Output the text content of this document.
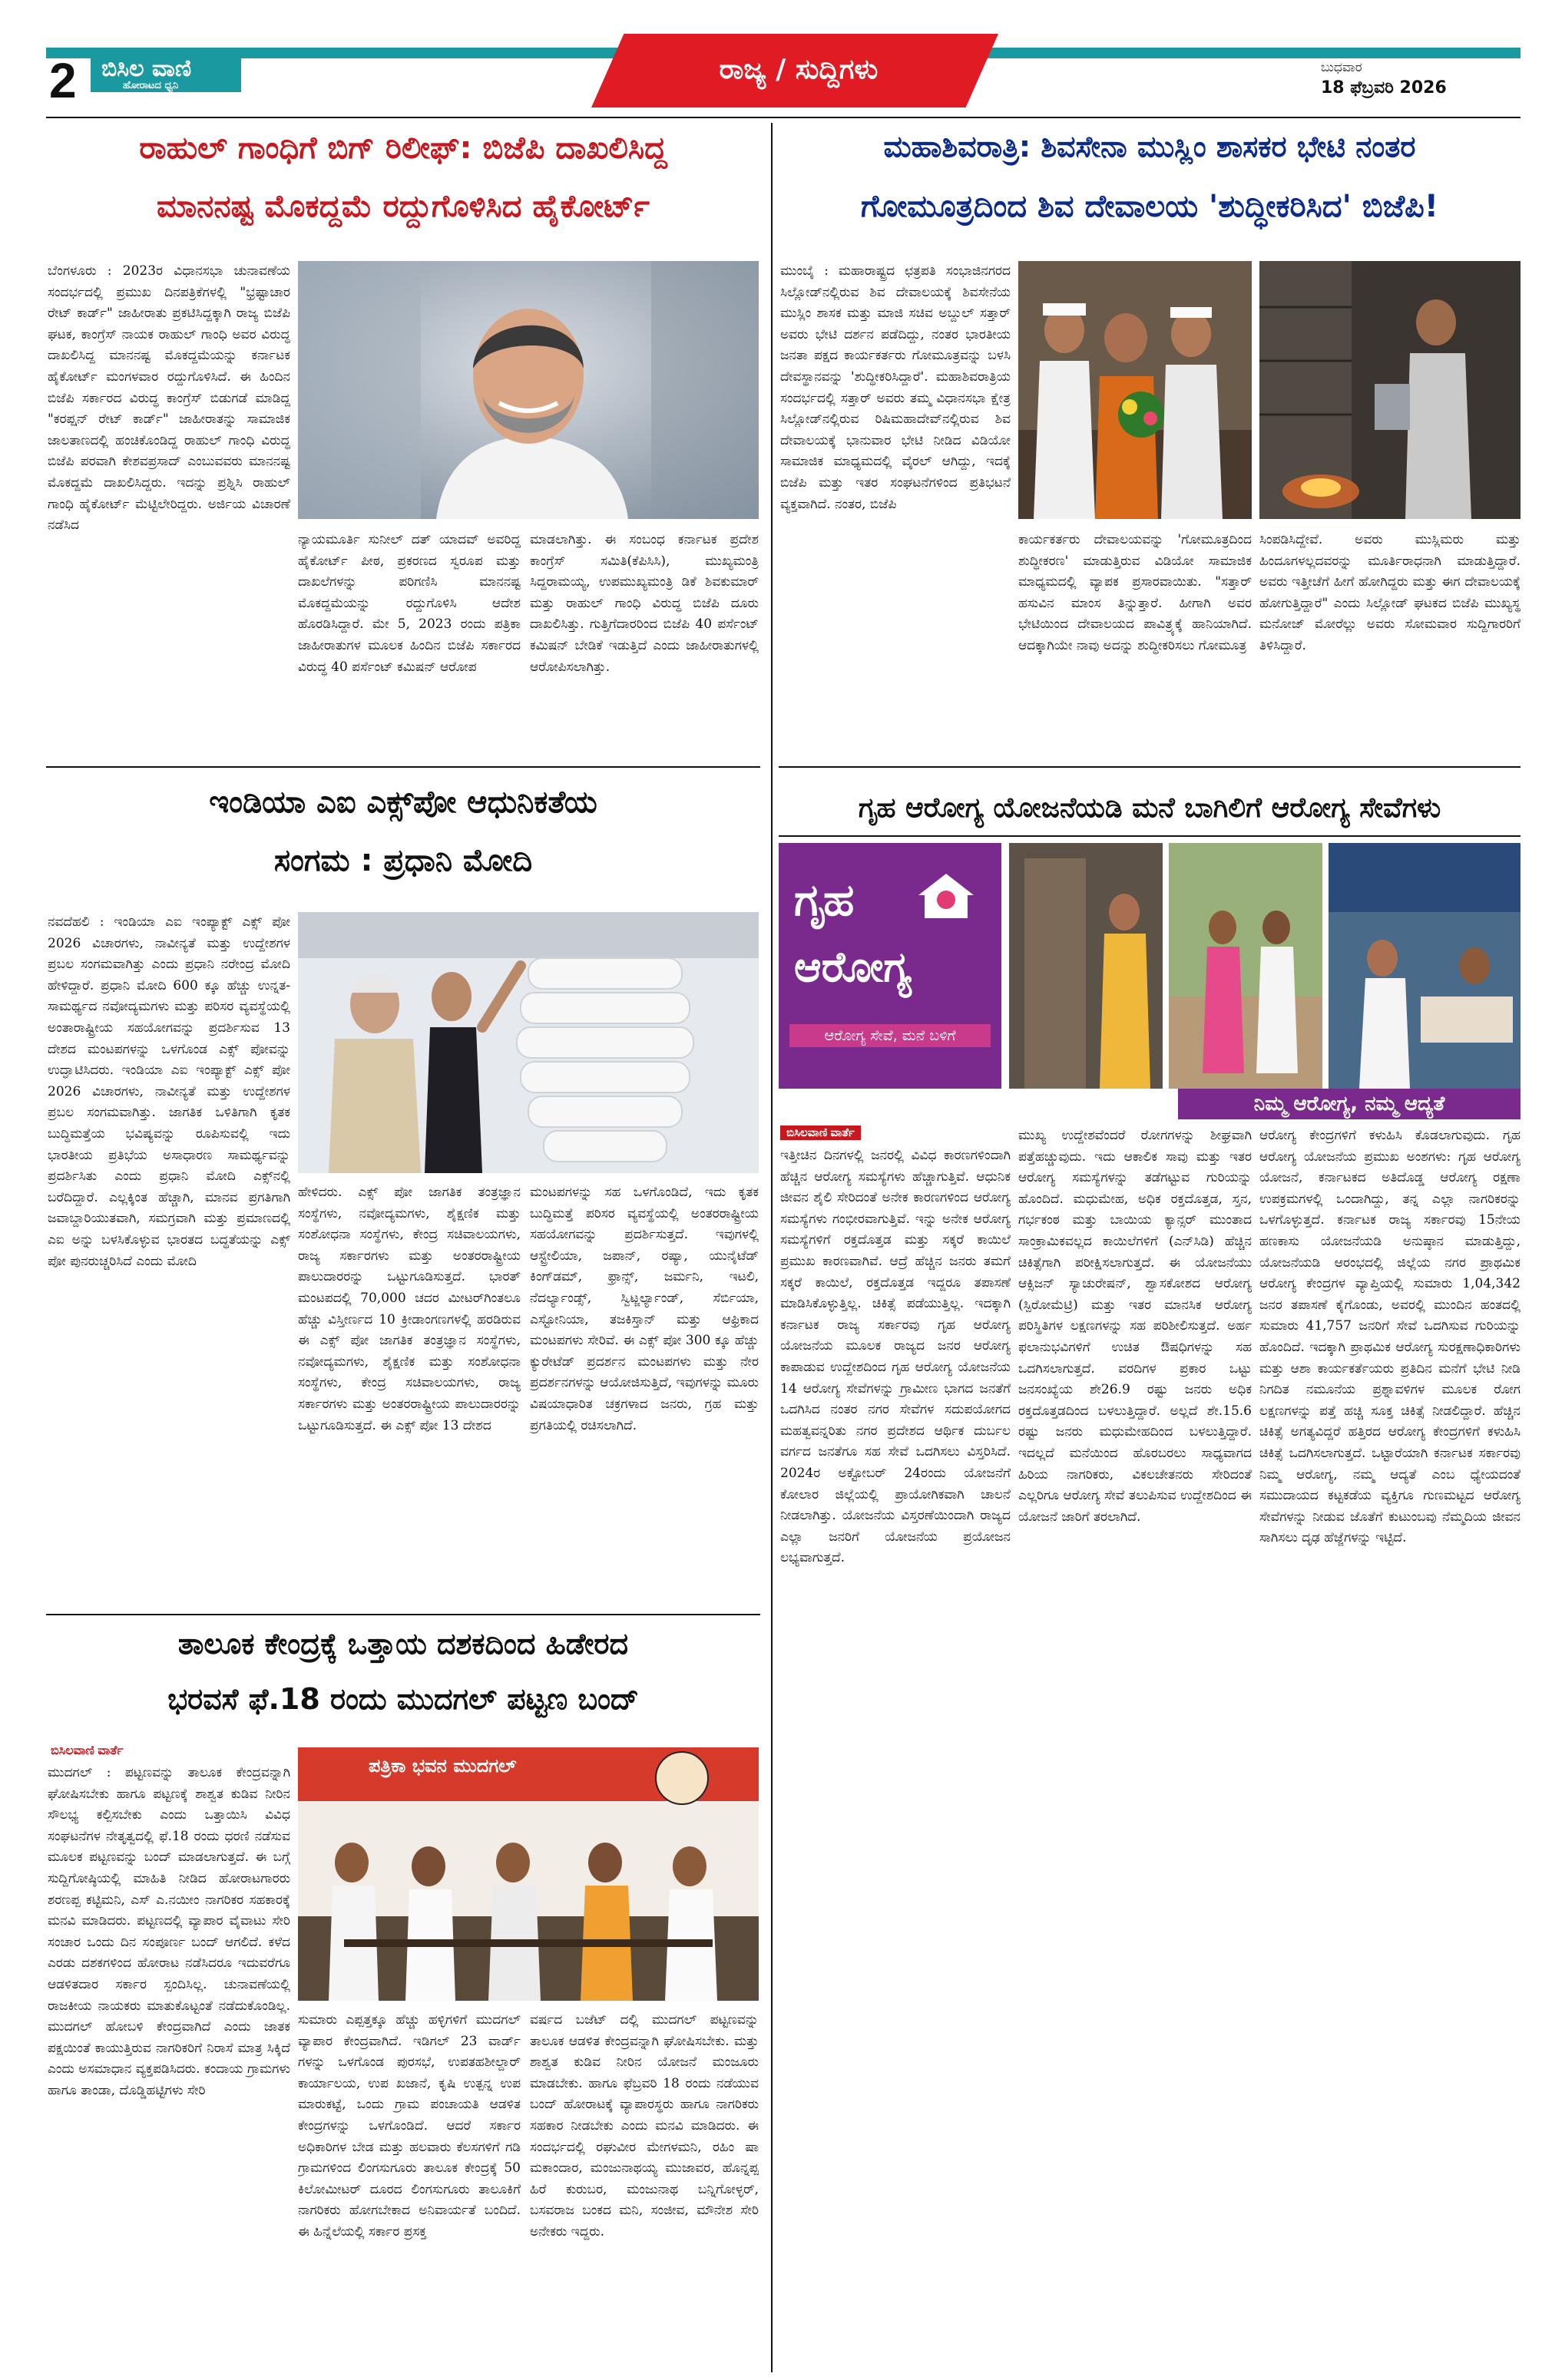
2 ಬಿಸಿಲ ವಾಣಿ
ಹೋರಾಟದ ಧ್ವನಿ
ರಾಜ್ಯ / ಸುದ್ದಿಗಳು	ಬುಧವಾರ
18 ಫೆಬ್ರವರಿ 2026
ರಾಹುಲ್ ಗಾಂಧಿಗೆ ಬಿಗ್ ರಿಲೀಫ್: ಬಿಜೆಪಿ ದಾಖಲಿಸಿದ್ದ
ಮಾನನಷ್ಟ ಮೊಕದ್ದಮೆ ರದ್ದುಗೊಳಿಸಿದ ಹೈಕೋರ್ಟ್
ಬೆಂಗಳೂರು : 2023ರ ವಿಧಾನಸಭಾ ಚುನಾವಣೆಯ ಸಂದರ್ಭದಲ್ಲಿ ಪ್ರಮುಖ ದಿನಪತ್ರಿಕೆಗಳಲ್ಲಿ "ಭ್ರಷ್ಟಾಚಾರ ರೇಟ್ ಕಾರ್ಡ್" ಜಾಹೀರಾತು ಪ್ರಕಟಿಸಿದ್ದಕ್ಕಾಗಿ ರಾಜ್ಯ ಬಿಜೆಪಿ ಘಟಕ, ಕಾಂಗ್ರೆಸ್ ನಾಯಕ ರಾಹುಲ್ ಗಾಂಧಿ ಅವರ ವಿರುದ್ಧ ದಾಖಲಿಸಿದ್ದ ಮಾನನಷ್ಟ ಮೊಕದ್ದಮೆಯನ್ನು ಕರ್ನಾಟಕ ಹೈಕೋರ್ಟ್ ಮಂಗಳವಾರ ರದ್ದುಗೊಳಿಸಿದೆ. ಈ ಹಿಂದಿನ ಬಿಜೆಪಿ ಸರ್ಕಾರದ ವಿರುದ್ಧ ಕಾಂಗ್ರೆಸ್ ಬಿಡುಗಡೆ ಮಾಡಿದ್ದ "ಕರಪ್ಷನ್ ರೇಟ್ ಕಾರ್ಡ್" ಜಾಹೀರಾತನ್ನು ಸಾಮಾಜಿಕ ಜಾಲತಾಣದಲ್ಲಿ ಹಂಚಿಕೊಂಡಿದ್ದ ರಾಹುಲ್ ಗಾಂಧಿ ವಿರುದ್ಧ ಬಿಜೆಪಿ ಪರವಾಗಿ ಕೇಶವಪ್ರಸಾದ್ ಎಂಬುವವರು ಮಾನನಷ್ಟ ಮೊಕದ್ದಮೆ ದಾಖಲಿಸಿದ್ದರು. ಇದನ್ನು ಪ್ರಶ್ನಿಸಿ ರಾಹುಲ್ ಗಾಂಧಿ ಹೈಕೋರ್ಟ್ ಮೆಟ್ಟಿಲೇರಿದ್ದರು. ಅರ್ಜಿಯ ವಿಚಾರಣೆ ನಡೆಸಿದ
ನ್ಯಾಯಮೂರ್ತಿ ಸುನೀಲ್ ದತ್ ಯಾದವ್ ಅವರಿದ್ದ ಹೈಕೋರ್ಟ್ ಪೀಠ, ಪ್ರಕರಣದ ಸ್ವರೂಪ ಮತ್ತು ದಾಖಲೆಗಳನ್ನು ಪರಿಗಣಿಸಿ ಮಾನನಷ್ಟ ಮೊಕದ್ದಮೆಯನ್ನು ರದ್ದುಗೊಳಿಸಿ ಆದೇಶ ಹೊರಡಿಸಿದ್ದಾರೆ. ಮೇ 5, 2023 ರಂದು ಪತ್ರಿಕಾ ಜಾಹೀರಾತುಗಳ ಮೂಲಕ ಹಿಂದಿನ ಬಿಜೆಪಿ ಸರ್ಕಾರದ ವಿರುದ್ಧ 40 ಪರ್ಸೆಂಟ್ ಕಮಿಷನ್ ಆರೋಪ
ಮಾಡಲಾಗಿತ್ತು. ಈ ಸಂಬಂಧ ಕರ್ನಾಟಕ ಪ್ರದೇಶ ಕಾಂಗ್ರೆಸ್ ಸಮಿತಿ(ಕೆಪಿಸಿಸಿ), ಮುಖ್ಯಮಂತ್ರಿ ಸಿದ್ದರಾಮಯ್ಯ, ಉಪಮುಖ್ಯಮಂತ್ರಿ ಡಿಕೆ ಶಿವಕುಮಾರ್ ಮತ್ತು ರಾಹುಲ್ ಗಾಂಧಿ ವಿರುದ್ಧ ಬಿಜೆಪಿ ದೂರು ದಾಖಲಿಸಿತ್ತು. ಗುತ್ತಿಗೆದಾರರಿಂದ ಬಿಜೆಪಿ 40 ಪರ್ಸೆಂಟ್ ಕಮಿಷನ್ ಬೇಡಿಕೆ ಇಡುತ್ತಿದೆ ಎಂದು ಜಾಹೀರಾತುಗಳಲ್ಲಿ ಆರೋಪಿಸಲಾಗಿತ್ತು.
ಮಹಾಶಿವರಾತ್ರಿ: ಶಿವಸೇನಾ ಮುಸ್ಲಿಂ ಶಾಸಕರ ಭೇಟಿ ನಂತರ
ಗೋಮೂತ್ರದಿಂದ ಶಿವ ದೇವಾಲಯ 'ಶುದ್ಧೀಕರಿಸಿದ' ಬಿಜೆಪಿ!
ಮುಂಬೈ : ಮಹಾರಾಷ್ಟ್ರದ ಛತ್ರಪತಿ ಸಂಭಾಜಿನಗರದ ಸಿಲ್ಲೋಡ್‌ನಲ್ಲಿರುವ ಶಿವ ದೇವಾಲಯಕ್ಕೆ ಶಿವಸೇನೆಯ ಮುಸ್ಲಿಂ ಶಾಸಕ ಮತ್ತು ಮಾಜಿ ಸಚಿವ ಅಬ್ದುಲ್ ಸತ್ತಾರ್ ಅವರು ಭೇಟಿ ದರ್ಶನ ಪಡೆದಿದ್ದು, ನಂತರ ಭಾರತೀಯ ಜನತಾ ಪಕ್ಷದ ಕಾರ್ಯಕರ್ತರು ಗೋಮೂತ್ರವನ್ನು ಬಳಸಿ ದೇವಸ್ಥಾನವನ್ನು 'ಶುದ್ಧೀಕರಿಸಿದ್ದಾರೆ'. ಮಹಾಶಿವರಾತ್ರಿಯ ಸಂದರ್ಭದಲ್ಲಿ ಸತ್ತಾರ್ ಅವರು ತಮ್ಮ ವಿಧಾನಸಭಾ ಕ್ಷೇತ್ರ ಸಿಲ್ಲೋಡ್‌ನಲ್ಲಿರುವ ರಿಷಿಮಹಾದೇವ್‌ನಲ್ಲಿರುವ ಶಿವ ದೇವಾಲಯಕ್ಕೆ ಭಾನುವಾರ ಭೇಟಿ ನೀಡಿದ ವಿಡಿಯೋ ಸಾಮಾಜಿಕ ಮಾಧ್ಯಮದಲ್ಲಿ ವೈರಲ್ ಆಗಿದ್ದು, ಇದಕ್ಕೆ ಬಿಜೆಪಿ ಮತ್ತು ಇತರ ಸಂಘಟನೆಗಳಿಂದ ಪ್ರತಿಭಟನೆ ವ್ಯಕ್ತವಾಗಿದೆ. ನಂತರ, ಬಿಜೆಪಿ
ಕಾರ್ಯಕರ್ತರು ದೇವಾಲಯವನ್ನು 'ಗೋಮೂತ್ರದಿಂದ ಶುದ್ಧೀಕರಣ' ಮಾಡುತ್ತಿರುವ ವಿಡಿಯೋ ಸಾಮಾಜಿಕ ಮಾಧ್ಯಮದಲ್ಲಿ ವ್ಯಾಪಕ ಪ್ರಸಾರವಾಯಿತು. "ಸತ್ತಾರ್ ಹಸುವಿನ ಮಾಂಸ ತಿನ್ನುತ್ತಾರೆ. ಹೀಗಾಗಿ ಅವರ ಭೇಟಿಯಿಂದ ದೇವಾಲಯದ ಪಾವಿತ್ರ್ಯಕ್ಕೆ ಹಾನಿಯಾಗಿದೆ. ಆದಕ್ಕಾಗಿಯೇ ನಾವು ಅದನ್ನು ಶುದ್ಧೀಕರಿಸಲು ಗೋಮೂತ್ರ
ಸಿಂಪಡಿಸಿದ್ದೇವೆ. ಅವರು ಮುಸ್ಲಿಮರು ಮತ್ತು ಹಿಂದೂಗಳಲ್ಲದವರನ್ನು ಮೂರ್ತಿರಾಧನಾಗಿ ಮಾಡುತ್ತಿದ್ದಾರೆ. ಅವರು ಇತ್ತೀಚೆಗೆ ಹೀಗೆ ಹೋಗಿದ್ದರು ಮತ್ತು ಈಗ ದೇವಾಲಯಕ್ಕೆ ಹೋಗುತ್ತಿದ್ದಾರೆ" ಎಂದು ಸಿಲ್ಲೋಡ್ ಘಟಕದ ಬಿಜೆಪಿ ಮುಖ್ಯಸ್ಥ ಮನೋಜ್ ಮೋರೆಲ್ಲು ಅವರು ಸೋಮವಾರ ಸುದ್ದಿಗಾರರಿಗೆ ತಿಳಿಸಿದ್ದಾರೆ.
ಇಂಡಿಯಾ ಎಐ ಎಕ್ಸ್‌ಪೋ ಆಧುನಿಕತೆಯ
ಸಂಗಮ : ಪ್ರಧಾನಿ ಮೋದಿ
ನವದೆಹಲಿ : ಇಂಡಿಯಾ ಎಐ ಇಂಪ್ಯಾಕ್ಟ್ ಎಕ್ಸ್ ಪೋ 2026 ವಿಚಾರಗಳು, ನಾವೀನ್ಯತೆ ಮತ್ತು ಉದ್ದೇಶಗಳ ಪ್ರಬಲ ಸಂಗಮವಾಗಿತ್ತು ಎಂದು ಪ್ರಧಾನಿ ನರೇಂದ್ರ ಮೋದಿ ಹೇಳಿದ್ದಾರೆ. ಪ್ರಧಾನಿ ಮೋದಿ 600 ಕ್ಕೂ ಹೆಚ್ಚು ಉನ್ನತ-ಸಾಮರ್ಥ್ಯದ ನವೋದ್ಯಮಗಳು ಮತ್ತು ಪರಿಸರ ವ್ಯವಸ್ಥೆಯಲ್ಲಿ ಅಂತಾರಾಷ್ಟ್ರೀಯ ಸಹಯೋಗವನ್ನು ಪ್ರದರ್ಶಿಸುವ 13 ದೇಶದ ಮಂಟಪಗಳನ್ನು ಒಳಗೊಂಡ ಎಕ್ಸ್ ಪೋವನ್ನು ಉದ್ಘಾಟಿಸಿದರು. ಇಂಡಿಯಾ ಎಐ ಇಂಪ್ಯಾಕ್ಟ್ ಎಕ್ಸ್ ಪೋ 2026 ವಿಚಾರಗಳು, ನಾವೀನ್ಯತೆ ಮತ್ತು ಉದ್ದೇಶಗಳ ಪ್ರಬಲ ಸಂಗಮವಾಗಿತ್ತು. ಜಾಗತಿಕ ಒಳಿತಿಗಾಗಿ ಕೃತಕ ಬುದ್ಧಿಮತ್ತೆಯ ಭವಿಷ್ಯವನ್ನು ರೂಪಿಸುವಲ್ಲಿ ಇದು ಭಾರತೀಯ ಪ್ರತಿಭೆಯ ಅಸಾಧಾರಣ ಸಾಮರ್ಥ್ಯವನ್ನು ಪ್ರದರ್ಶಿಸಿತು ಎಂದು ಪ್ರಧಾನಿ ಮೋದಿ ಎಕ್ಸ್‌ನಲ್ಲಿ ಬರೆದಿದ್ದಾರೆ. ಎಲ್ಲಕ್ಕಿಂತ ಹೆಚ್ಚಾಗಿ, ಮಾನವ ಪ್ರಗತಿಗಾಗಿ ಜವಾಬ್ದಾರಿಯುತವಾಗಿ, ಸಮಗ್ರವಾಗಿ ಮತ್ತು ಪ್ರಮಾಣದಲ್ಲಿ ಎಐ ಅನ್ನು ಬಳಸಿಕೊಳ್ಳುವ ಭಾರತದ ಬದ್ಧತೆಯನ್ನು ಎಕ್ಸ್ ಪೋ ಪುನರುಚ್ಚರಿಸಿದೆ ಎಂದು ಮೋದಿ
ಹೇಳಿದರು. ಎಕ್ಸ್ ಪೋ ಜಾಗತಿಕ ತಂತ್ರಜ್ಞಾನ ಸಂಸ್ಥೆಗಳು, ನವೋದ್ಯಮಗಳು, ಶೈಕ್ಷಣಿಕ ಮತ್ತು ಸಂಶೋಧನಾ ಸಂಸ್ಥೆಗಳು, ಕೇಂದ್ರ ಸಚಿವಾಲಯಗಳು, ರಾಜ್ಯ ಸರ್ಕಾರಗಳು ಮತ್ತು ಅಂತರರಾಷ್ಟ್ರೀಯ ಪಾಲುದಾರರನ್ನು ಒಟ್ಟುಗೂಡಿಸುತ್ತದೆ. ಭಾರತ್ ಮಂಟಪದಲ್ಲಿ 70,000 ಚದರ ಮೀಟರ್‌ಗಿಂತಲೂ ಹೆಚ್ಚು ವಿಸ್ತೀರ್ಣದ 10 ಕ್ರೀಡಾಂಗಣಗಳಲ್ಲಿ ಹರಡಿರುವ ಈ ಎಕ್ಸ್ ಪೋ ಜಾಗತಿಕ ತಂತ್ರಜ್ಞಾನ ಸಂಸ್ಥೆಗಳು, ನವೋದ್ಯಮಗಳು, ಶೈಕ್ಷಣಿಕ ಮತ್ತು ಸಂಶೋಧನಾ ಸಂಸ್ಥೆಗಳು, ಕೇಂದ್ರ ಸಚಿವಾಲಯಗಳು, ರಾಜ್ಯ ಸರ್ಕಾರಗಳು ಮತ್ತು ಅಂತರರಾಷ್ಟ್ರೀಯ ಪಾಲುದಾರರನ್ನು ಒಟ್ಟುಗೂಡಿಸುತ್ತದೆ. ಈ ಎಕ್ಸ್ ಪೋ 13 ದೇಶದ
ಮಂಟಪಗಳನ್ನು ಸಹ ಒಳಗೊಂಡಿದೆ, ಇದು ಕೃತಕ ಬುದ್ಧಿಮತ್ತೆ ಪರಿಸರ ವ್ಯವಸ್ಥೆಯಲ್ಲಿ ಅಂತರರಾಷ್ಟ್ರೀಯ ಸಹಯೋಗವನ್ನು ಪ್ರದರ್ಶಿಸುತ್ತದೆ. ಇವುಗಳಲ್ಲಿ ಆಸ್ಟ್ರೇಲಿಯಾ, ಜಪಾನ್, ರಷ್ಯಾ, ಯುನೈಟೆಡ್ ಕಿಂಗ್‌ಡಮ್, ಫ್ರಾನ್ಸ್, ಜರ್ಮನಿ, ಇಟಲಿ, ನೆದರ್ಲ್ಯಾಂಡ್ಸ್, ಸ್ವಿಟ್ಜರ್ಲ್ಯಾಂಡ್, ಸೆರ್ಬಿಯಾ, ಎಸ್ಟೋನಿಯಾ, ತಜಕಿಸ್ತಾನ್ ಮತ್ತು ಆಫ್ರಿಕಾದ ಮಂಟಪಗಳು ಸೇರಿವೆ. ಈ ಎಕ್ಸ್ ಪೋ 300 ಕ್ಕೂ ಹೆಚ್ಚು ಕ್ಯುರೇಟೆಡ್ ಪ್ರದರ್ಶನ ಮಂಟಪಗಳು ಮತ್ತು ನೇರ ಪ್ರದರ್ಶನಗಳನ್ನು ಆಯೋಜಿಸುತ್ತಿದೆ, ಇವುಗಳನ್ನು ಮೂರು ವಿಷಯಾಧಾರಿತ ಚಕ್ರಗಳಾದ ಜನರು, ಗ್ರಹ ಮತ್ತು ಪ್ರಗತಿಯಲ್ಲಿ ರಚಿಸಲಾಗಿದೆ.
ತಾಲೂಕ ಕೇಂದ್ರಕ್ಕೆ ಒತ್ತಾಯ ದಶಕದಿಂದ ಹಿಡೇರದ
ಭರವಸೆ ಫೆ.18 ರಂದು ಮುದಗಲ್ ಪಟ್ಟಣ ಬಂದ್
ಬಿಸಿಲವಾಣಿ ವಾರ್ತೆ
ಮುದಗಲ್ : ಪಟ್ಟಣವನ್ನು ತಾಲೂಕ ಕೇಂದ್ರವನ್ನಾಗಿ ಘೋಷಿಸಬೇಕು ಹಾಗೂ ಪಟ್ಟಣಕ್ಕೆ ಶಾಶ್ವತ ಕುಡಿವ ನೀರಿನ ಸೌಲಭ್ಯ ಕಲ್ಪಿಸಬೇಕು ಎಂದು ಒತ್ತಾಯಿಸಿ ವಿವಿಧ ಸಂಘಟನೆಗಳ ನೇತೃತ್ವದಲ್ಲಿ ಫೆ.18 ರಂದು ಧರಣಿ ನಡೆಸುವ ಮೂಲಕ ಪಟ್ಟಣವನ್ನು ಬಂದ್ ಮಾಡಲಾಗುತ್ತದೆ. ಈ ಬಗ್ಗೆ ಸುದ್ದಿಗೋಷ್ಠಿಯಲ್ಲಿ ಮಾಹಿತಿ ನೀಡಿದ ಹೋರಾಟಗಾರರು ಶರಣಪ್ಪ ಕಟ್ಟಿಮನಿ, ಎಸ್ ಎ.ನಯೀಂ ನಾಗರಿಕರ ಸಹಕಾರಕ್ಕೆ ಮನವಿ ಮಾಡಿದರು. ಪಟ್ಟಣದಲ್ಲಿ ವ್ಯಾಪಾರ ವೈವಾಟು ಸೇರಿ ಸಂಚಾರ ಒಂದು ದಿನ ಸಂಪೂರ್ಣ ಬಂದ್ ಆಗಲಿದೆ. ಕಳೆದ ಎರಡು ದಶಕಗಳಿಂದ ಹೋರಾಟ ನಡೆಸಿದರೂ ಇದುವರೆಗೂ ಆಡಳಿತದಾರ ಸರ್ಕಾರ ಸ್ಪಂದಿಸಿಲ್ಲ. ಚುನಾವಣೆಯಲ್ಲಿ ರಾಜಕೀಯ ನಾಯಕರು ಮಾತುಕೊಟ್ಟಂತೆ ನಡೆದುಕೊಂಡಿಲ್ಲ. ಮುದಗಲ್ ಹೋಬಳಿ ಕೇಂದ್ರವಾಗಿದೆ ಎಂದು ಜಾತಕ ಪಕ್ಷಯಿಂತೆ ಕಾಯುತ್ತಿರುವ ನಾಗರಿಕರಿಗೆ ನಿರಾಸೆ ಮಾತ್ರ ಸಿಕ್ಕಿದೆ ಎಂದು ಅಸಮಾಧಾನ ವ್ಯಕ್ತಪಡಿಸಿದರು. ಕಂದಾಯ ಗ್ರಾಮಗಳು ಹಾಗೂ ತಾಂಡಾ, ದೊಡ್ಡಿಹಟ್ಟಿಗಳು ಸೇರಿ
ಪತ್ರಿಕಾ ಭವನ ಮುದಗಲ್
ಸುಮಾರು ಎಪ್ಪತ್ತಕ್ಕೂ ಹೆಚ್ಚು ಹಳ್ಳಿಗಳಿಗೆ ಮುದಗಲ್ ವ್ಯಾಪಾರ ಕೇಂದ್ರವಾಗಿದೆ. ಇಡಿಗಲ್ 23 ವಾರ್ಡ್ ಗಳನ್ನು ಒಳಗೊಂಡ ಪುರಸಭೆ, ಉಪತಹಶೀಲ್ದಾರ್ ಕಾರ್ಯಾಲಯ, ಉಪ ಖಜಾನೆ, ಕೃಷಿ ಉತ್ಪನ್ನ ಉಪ ಮಾರುಕಟ್ಟೆ, ಒಂದು ಗ್ರಾಮ ಪಂಚಾಯತಿ ಆಡಳಿತ ಕೇಂದ್ರಗಳನ್ನು ಒಳಗೊಂಡಿದೆ. ಆದರೆ ಸರ್ಕಾರ ಅಧಿಕಾರಿಗಳ ಬೇಡ ಮತ್ತು ಹಲವಾರು ಕೆಲಸಗಳಿಗೆ ಗಡಿ ಗ್ರಾಮಗಳಿಂದ ಲಿಂಗಸುಗೂರು ತಾಲೂಕ ಕೇಂದ್ರಕ್ಕೆ 50 ಕಿಲೋಮೀಟರ್ ದೂರದ ಲಿಂಗಸುಗೂರು ತಾಲೂಕಿಗೆ ನಾಗರಿಕರು ಹೋಗಬೇಕಾದ ಅನಿವಾರ್ಯತೆ ಬಂದಿದೆ. ಈ ಹಿನ್ನೆಲೆಯಲ್ಲಿ ಸರ್ಕಾರ ಪ್ರಸಕ್ತ
ವರ್ಷದ ಬಜೆಟ್ ದಲ್ಲಿ ಮುದಗಲ್ ಪಟ್ಟಣವನ್ನು ತಾಲೂಕ ಆಡಳಿತ ಕೇಂದ್ರವನ್ನಾಗಿ ಘೋಷಿಸಬೇಕು. ಮತ್ತು ಶಾಶ್ವತ ಕುಡಿವ ನೀರಿನ ಯೋಜನೆ ಮಂಜೂರು ಮಾಡಬೇಕು. ಹಾಗೂ ಫೆಬ್ರವರಿ 18 ರಂದು ನಡೆಯುವ ಬಂದ್ ಹೋರಾಟಕ್ಕೆ ವ್ಯಾಪಾರಸ್ಥರು ಹಾಗೂ ನಾಗರಿಕರು ಸಹಕಾರ ನೀಡಬೇಕು ಎಂದು ಮನವಿ ಮಾಡಿದರು. ಈ ಸಂದರ್ಭದಲ್ಲಿ ರಘುವೀರ ಮೇಗಳಮನಿ, ರಹಿಂ ಷಾ ಮಕಾಂದಾರ, ಮಂಜುನಾಥಯ್ಯ ಮುಜಾವರ, ಹೊನ್ನಪ್ಪ ಹಿರೆ ಕುರುಬರ, ಮಂಜುನಾಥ ಬನ್ನಿಗೋಳ್ಳರ್, ಬಸವರಾಜ ಬಂಕದ ಮನಿ, ಸಂಜೀವ, ಮೌನೇಶ ಸೇರಿ ಅನೇಕರು ಇದ್ದರು.
ಗೃಹ ಆರೋಗ್ಯ ಯೋಜನೆಯಡಿ ಮನೆ ಬಾಗಿಲಿಗೆ ಆರೋಗ್ಯ ಸೇವೆಗಳು
ಗೃಹ
ಆರೋಗ್ಯ
ಆರೋಗ್ಯ ಸೇವೆ, ಮನೆ ಬಳಿಗೆ
ನಿಮ್ಮ ಆರೋಗ್ಯ, ನಮ್ಮ ಆದ್ಯತೆ
ಬಿಸಿಲವಾಣಿ ವಾರ್ತೆ
ಇತ್ತೀಚಿನ ದಿನಗಳಲ್ಲಿ ಜನರಲ್ಲಿ ವಿವಿಧ ಕಾರಣಗಳಿಂದಾಗಿ ಹೆಚ್ಚಿನ ಆರೋಗ್ಯ ಸಮಸ್ಯೆಗಳು ಹೆಚ್ಚಾಗುತ್ತಿವೆ. ಆಧುನಿಕ ಜೀವನ ಶೈಲಿ ಸೇರಿದಂತೆ ಅನೇಕ ಕಾರಣಗಳಿಂದ ಆರೋಗ್ಯ ಸಮಸ್ಯೆಗಳು ಗಂಭೀರವಾಗುತ್ತಿವೆ. ಇನ್ನು ಅನೇಕ ಆರೋಗ್ಯ ಸಮಸ್ಯೆಗಳಿಗೆ ರಕ್ತದೊತ್ತಡ ಮತ್ತು ಸಕ್ಕರೆ ಕಾಯಿಲೆ ಪ್ರಮುಖ ಕಾರಣವಾಗಿವೆ. ಆದ್ರೆ ಹೆಚ್ಚಿನ ಜನರು ತಮಗೆ ಸಕ್ಕರೆ ಕಾಯಿಲೆ, ರಕ್ತದೊತ್ತಡ ಇದ್ದರೂ ತಪಾಸಣೆ ಮಾಡಿಸಿಕೊಳ್ಳುತ್ತಿಲ್ಲ. ಚಿಕಿತ್ಸೆ ಪಡೆಯುತ್ತಿಲ್ಲ. ಇದಕ್ಕಾಗಿ ಕರ್ನಾಟಕ ರಾಜ್ಯ ಸರ್ಕಾರವು ಗೃಹ ಆರೋಗ್ಯ ಯೋಜನೆಯ ಮೂಲಕ ರಾಜ್ಯದ ಜನರ ಆರೋಗ್ಯ ಕಾಪಾಡುವ ಉದ್ದೇಶದಿಂದ ಗೃಹ ಆರೋಗ್ಯ ಯೋಜನೆಯ 14 ಆರೋಗ್ಯ ಸೇವೆಗಳನ್ನು ಗ್ರಾಮೀಣ ಭಾಗದ ಜನತೆಗೆ ಒದಗಿಸಿದ ನಂತರ ನಗರ ಸೇವೆಗಳ ಸದುಪಯೋಗದ ಮಹತ್ವವನ್ನರಿತು ನಗರ ಪ್ರದೇಶದ ಆರ್ಥಿಕ ದುರ್ಬಲ ವರ್ಗದ ಜನತೆಗೂ ಸಹ ಸೇವೆ ಒದಗಿಸಲು ವಿಸ್ತರಿಸಿದೆ. 2024ರ ಅಕ್ಟೋಬರ್ 24ರಂದು ಯೋಜನೆಗೆ ಕೋಲಾರ ಜಿಲ್ಲೆಯಲ್ಲಿ ಪ್ರಾಯೋಗಿಕವಾಗಿ ಚಾಲನೆ ನೀಡಲಾಗಿತ್ತು. ಯೋಜನೆಯ ವಿಸ್ತರಣೆಯಿಂದಾಗಿ ರಾಜ್ಯದ ಎಲ್ಲಾ ಜನರಿಗೆ ಯೋಜನೆಯ ಪ್ರಯೋಜನ ಲಭ್ಯವಾಗುತ್ತದೆ.
ಮುಖ್ಯ ಉದ್ದೇಶವೆಂದರೆ ರೋಗಗಳನ್ನು ಶೀಘ್ರವಾಗಿ ಪತ್ತೆಹಚ್ಚುವುದು. ಇದು ಆಕಾಲಿಕ ಸಾವು ಮತ್ತು ಇತರ ಆರೋಗ್ಯ ಸಮಸ್ಯೆಗಳನ್ನು ತಡೆಗಟ್ಟುವ ಗುರಿಯನ್ನು ಹೊಂದಿದೆ. ಮಧುಮೇಹ, ಅಧಿಕ ರಕ್ತದೊತ್ತಡ, ಸ್ತನ, ಗರ್ಭಕಂಠ ಮತ್ತು ಬಾಯಿಯ ಕ್ಯಾನ್ಸರ್ ಮುಂತಾದ ಸಾಂಕ್ರಾಮಿಕವಲ್ಲದ ಕಾಯಿಲೆಗಳಿಗೆ (ಎನ್‌ಸಿಡಿ) ಹೆಚ್ಚಿನ ಚಿಕಿತ್ಸೆಗಾಗಿ ಪರೀಕ್ಷಿಸಲಾಗುತ್ತದೆ. ಈ ಯೋಜನೆಯು ಆಕ್ಸಿಜನ್ ಸ್ಯಾಚುರೇಷನ್, ಶ್ವಾಸಕೋಶದ ಆರೋಗ್ಯ (ಸ್ಪಿರೋಮೆಟ್ರಿ) ಮತ್ತು ಇತರ ಮಾನಸಿಕ ಆರೋಗ್ಯ ಪರಿಸ್ಥಿತಿಗಳ ಲಕ್ಷಣಗಳನ್ನು ಸಹ ಪರಿಶೀಲಿಸುತ್ತದೆ. ಅರ್ಹ ಫಲಾನುಭವಿಗಳಿಗೆ ಉಚಿತ ಔಷಧಿಗಳನ್ನು ಸಹ ಒದಗಿಸಲಾಗುತ್ತದೆ. ವರದಿಗಳ ಪ್ರಕಾರ ಒಟ್ಟು ಜನಸಂಖ್ಯೆಯ ಶೇ26.9 ರಷ್ಟು ಜನರು ಅಧಿಕ ರಕ್ತದೊತ್ತಡದಿಂದ ಬಳಲುತ್ತಿದ್ದಾರೆ. ಅಲ್ಲದೆ ಶೇ.15.6 ರಷ್ಟು ಜನರು ಮಧುಮೇಹದಿಂದ ಬಳಲುತ್ತಿದ್ದಾರೆ. ಇದಲ್ಲದೆ ಮನೆಯಿಂದ ಹೊರಬರಲು ಸಾಧ್ಯವಾಗದ ಹಿರಿಯ ನಾಗರಿಕರು, ವಿಕಲಚೇತನರು ಸೇರಿದಂತೆ ಎಲ್ಲರಿಗೂ ಆರೋಗ್ಯ ಸೇವೆ ತಲುಪಿಸುವ ಉದ್ದೇಶದಿಂದ ಈ ಯೋಜನೆ ಜಾರಿಗೆ ತರಲಾಗಿದೆ.
ಆರೋಗ್ಯ ಕೇಂದ್ರಗಳಿಗೆ ಕಳುಹಿಸಿ ಕೊಡಲಾಗುವುದು. ಗೃಹ ಆರೋಗ್ಯ ಯೋಜನೆಯ ಪ್ರಮುಖ ಅಂಶಗಳು: ಗೃಹ ಆರೋಗ್ಯ ಯೋಜನೆ, ಕರ್ನಾಟಕದ ಅತಿದೊಡ್ಡ ಆರೋಗ್ಯ ರಕ್ಷಣಾ ಉಪಕ್ರಮಗಳಲ್ಲಿ ಒಂದಾಗಿದ್ದು, ತನ್ನ ಎಲ್ಲಾ ನಾಗರಿಕರನ್ನು ಒಳಗೊಳ್ಳುತ್ತದೆ. ಕರ್ನಾಟಕ ರಾಜ್ಯ ಸರ್ಕಾರವು 15ನೇಯ ಹಣಕಾಸು ಯೋಜನೆಯಡಿ ಅನುಷ್ಠಾನ ಮಾಡುತ್ತಿದ್ದು, ಯೋಜನೆಯಡಿ ಆರಂಭದಲ್ಲಿ ಜಿಲ್ಲೆಯ ನಗರ ಪ್ರಾಥಮಿಕ ಆರೋಗ್ಯ ಕೇಂದ್ರಗಳ ವ್ಯಾಪ್ತಿಯಲ್ಲಿ ಸುಮಾರು 1,04,342 ಜನರ ತಪಾಸಣೆ ಕೈಗೊಂಡು, ಅವರಲ್ಲಿ ಮುಂದಿನ ಹಂತದಲ್ಲಿ ಸುಮಾರು 41,757 ಜನರಿಗೆ ಸೇವೆ ಒದಗಿಸುವ ಗುರಿಯನ್ನು ಹೊಂದಿದೆ. ಇದಕ್ಕಾಗಿ ಪ್ರಾಥಮಿಕ ಆರೋಗ್ಯ ಸುರಕ್ಷಣಾಧಿಕಾರಿಗಳು ಮತ್ತು ಆಶಾ ಕಾರ್ಯಕರ್ತೆಯರು ಪ್ರತಿದಿನ ಮನೆಗೆ ಭೇಟಿ ನೀಡಿ ನಿಗದಿತ ನಮೂನೆಯ ಪ್ರಶ್ನಾವಳಿಗಳ ಮೂಲಕ ರೋಗ ಲಕ್ಷಣಗಳನ್ನು ಪತ್ತೆ ಹಚ್ಚಿ ಸೂಕ್ತ ಚಿಕಿತ್ಸೆ ನೀಡಲಿದ್ದಾರೆ. ಹೆಚ್ಚಿನ ಚಿಕಿತ್ಸೆ ಅಗತ್ಯವಿದ್ದರೆ ಹತ್ತಿರದ ಆರೋಗ್ಯ ಕೇಂದ್ರಗಳಿಗೆ ಕಳುಹಿಸಿ ಚಿಕಿತ್ಸೆ ಒದಗಿಸಲಾಗುತ್ತದೆ. ಒಟ್ಟಾರೆಯಾಗಿ ಕರ್ನಾಟಕ ಸರ್ಕಾರವು ನಿಮ್ಮ ಆರೋಗ್ಯ, ನಮ್ಮ ಆದ್ಯತೆ ಎಂಬ ಧ್ಯೇಯದಂತೆ ಸಮುದಾಯದ ಕಟ್ಟಕಡೆಯ ವ್ಯಕ್ತಿಗೂ ಗುಣಮಟ್ಟದ ಆರೋಗ್ಯ ಸೇವೆಗಳನ್ನು ನೀಡುವ ಜೊತೆಗೆ ಕುಟುಂಬವು ನೆಮ್ಮದಿಯ ಜೀವನ ಸಾಗಿಸಲು ದೃಢ ಹೆಜ್ಜೆಗಳನ್ನು ಇಟ್ಟಿದೆ.
